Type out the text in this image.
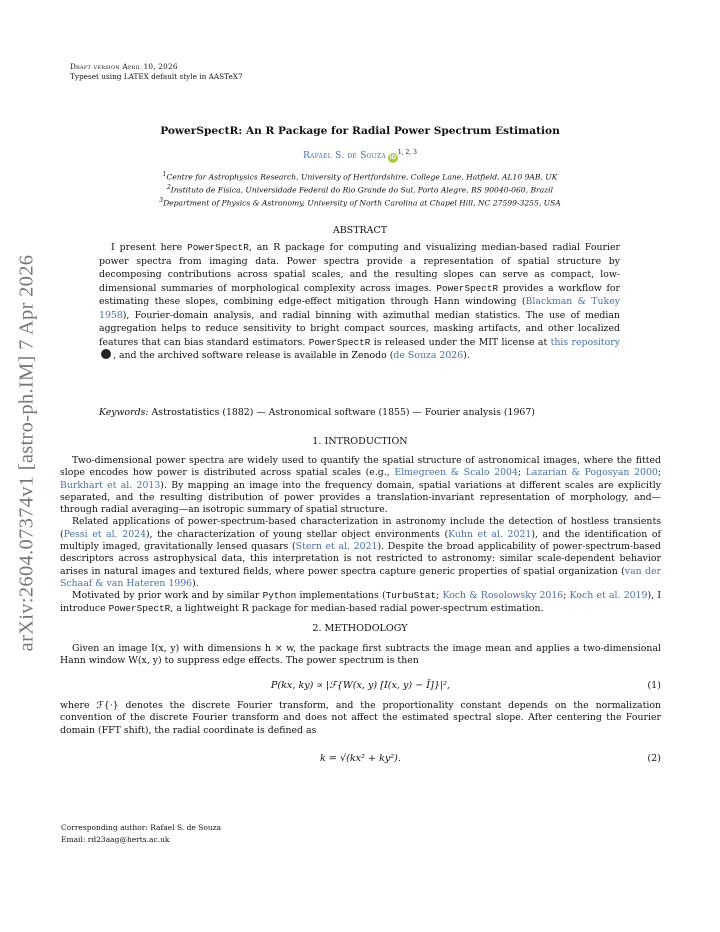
Draft version April 10, 2026
Typeset using LATEX default style in AASTeX7
arXiv:2604.07374v1 [astro-ph.IM] 7 Apr 2026
PowerSpectR: An R Package for Radial Power Spectrum Estimation
Rafael S. de Souza iD$^{1, 2, 3}$
$^1$Centre for Astrophysics Research, University of Hertfordshire, College Lane, Hatfield, AL10 9AB, UK
$^2$Instituto de Física, Universidade Federal do Rio Grande do Sul, Porto Alegre, RS 90040-060, Brazil
$^3$Department of Physics & Astronomy, University of North Carolina at Chapel Hill, NC 27599-3255, USA
ABSTRACT

I present here PowerSpectR, an R package for computing and visualizing median-based radial Fourier power spectra from imaging data. Power spectra provide a representation of spatial structure by decomposing contributions across spatial scales, and the resulting slopes can serve as compact, low-dimensional summaries of morphological complexity across images. PowerSpectR provides a workflow for estimating these slopes, combining edge-effect mitigation through Hann windowing (Blackman & Tukey 1958), Fourier-domain analysis, and radial binning with azimuthal median statistics. The use of median aggregation helps to reduce sensitivity to bright compact sources, masking artifacts, and other localized features that can bias standard estimators. PowerSpectR is released under the MIT license at this repository , and the archived software release is available in Zenodo (de Souza 2026).

Keywords: Astrostatistics (1882) — Astronomical software (1855) — Fourier analysis (1967)
1. INTRODUCTION

Two-dimensional power spectra are widely used to quantify the spatial structure of astronomical images, where the fitted slope encodes how power is distributed across spatial scales (e.g., Elmegreen & Scalo 2004; Lazarian & Pogosyan 2000; Burkhart et al. 2013). By mapping an image into the frequency domain, spatial variations at different scales are explicitly separated, and the resulting distribution of power provides a translation-invariant representation of morphology, and—through radial averaging—an isotropic summary of spatial structure.

Related applications of power-spectrum-based characterization in astronomy include the detection of hostless transients (Pessi et al. 2024), the characterization of young stellar object environments (Kuhn et al. 2021), and the identification of multiply imaged, gravitationally lensed quasars (Stern et al. 2021). Despite the broad applicability of power-spectrum-based descriptors across astrophysical data, this interpretation is not restricted to astronomy: similar scale-dependent behavior arises in natural images and textured fields, where power spectra capture generic properties of spatial organization (van der Schaaf & van Hateren 1996).

Motivated by prior work and by similar Python implementations (TurbuStat; Koch & Rosolowsky 2016; Koch et al. 2019), I introduce PowerSpectR, a lightweight R package for median-based radial power-spectrum estimation.

2. METHODOLOGY

Given an image I(x, y) with dimensions h × w, the package first subtracts the image mean and applies a two-dimensional Hann window W(x, y) to suppress edge effects. The power spectrum is then

P(kx, ky) ∝ |ℱ{W(x, y) [I(x, y) − Ī]}|²,	(1)
where ℱ{·} denotes the discrete Fourier transform, and the proportionality constant depends on the normalization convention of the discrete Fourier transform and does not affect the estimated spectral slope. After centering the Fourier domain (FFT shift), the radial coordinate is defined as
k = √(kx² + ky²).	(2)
Corresponding author: Rafael S. de Souza
Email: rd23aag@herts.ac.uk
